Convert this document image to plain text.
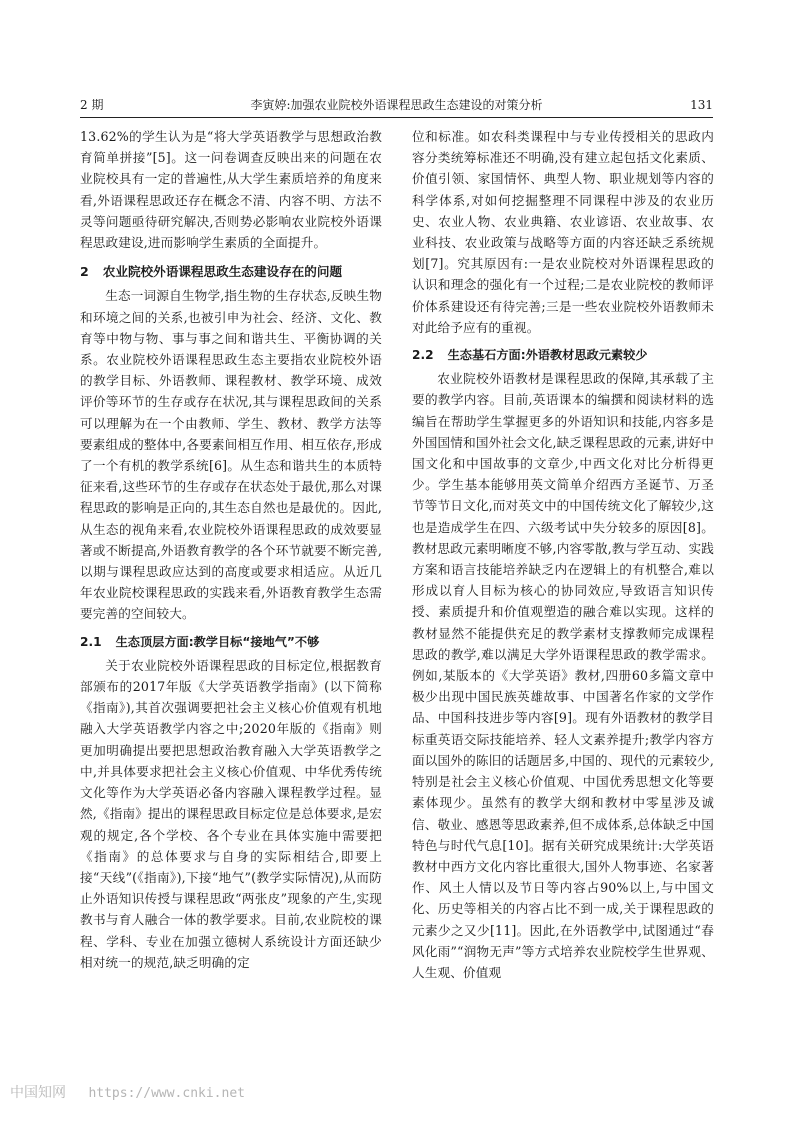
2 期	李寅婷:加强农业院校外语课程思政生态建设的对策分析	131

13.62%的学生认为是“将大学英语教学与思想政治教育简单拼接”[5]。这一问卷调查反映出来的问题在农业院校具有一定的普遍性,从大学生素质培养的角度来看,外语课程思政还存在概念不清、内容不明、方法不灵等问题亟待研究解决,否则势必影响农业院校外语课程思政建设,进而影响学生素质的全面提升。

2 农业院校外语课程思政生态建设存在的问题

生态一词源自生物学,指生物的生存状态,反映生物和环境之间的关系,也被引申为社会、经济、文化、教育等中物与物、事与事之间和谐共生、平衡协调的关系。农业院校外语课程思政生态主要指农业院校外语的教学目标、外语教师、课程教材、教学环境、成效评价等环节的生存或存在状况,其与课程思政间的关系可以理解为在一个由教师、学生、教材、教学方法等要素组成的整体中,各要素间相互作用、相互依存,形成了一个有机的教学系统[6]。从生态和谐共生的本质特征来看,这些环节的生存或存在状态处于最优,那么对课程思政的影响是正向的,其生态自然也是最优的。因此,从生态的视角来看,农业院校外语课程思政的成效要显著或不断提高,外语教育教学的各个环节就要不断完善,以期与课程思政应达到的高度或要求相适应。从近几年农业院校课程思政的实践来看,外语教育教学生态需要完善的空间较大。

2.1 生态顶层方面:教学目标“接地气”不够

关于农业院校外语课程思政的目标定位,根据教育部颁布的2017年版《大学英语教学指南》(以下简称《指南》),其首次强调要把社会主义核心价值观有机地融入大学英语教学内容之中;2020年版的《指南》则更加明确提出要把思想政治教育融入大学英语教学之中,并具体要求把社会主义核心价值观、中华优秀传统文化等作为大学英语必备内容融入课程教学过程。显然,《指南》提出的课程思政目标定位是总体要求,是宏观的规定,各个学校、各个专业在具体实施中需要把《指南》的总体要求与自身的实际相结合,即要上接“天线”(《指南》),下接“地气”(教学实际情况),从而防止外语知识传授与课程思政“两张皮”现象的产生,实现教书与育人融合一体的教学要求。目前,农业院校的课程、学科、专业在加强立德树人系统设计方面还缺少相对统一的规范,缺乏明确的定

位和标准。如农科类课程中与专业传授相关的思政内容分类统筹标准还不明确,没有建立起包括文化素质、价值引领、家国情怀、典型人物、职业规划等内容的科学体系,对如何挖掘整理不同课程中涉及的农业历史、农业人物、农业典籍、农业谚语、农业故事、农业科技、农业政策与战略等方面的内容还缺乏系统规划[7]。究其原因有:一是农业院校对外语课程思政的认识和理念的强化有一个过程;二是农业院校的教师评价体系建设还有待完善;三是一些农业院校外语教师未对此给予应有的重视。

2.2 生态基石方面:外语教材思政元素较少

农业院校外语教材是课程思政的保障,其承载了主要的教学内容。目前,英语课本的编撰和阅读材料的选编旨在帮助学生掌握更多的外语知识和技能,内容多是外国国情和国外社会文化,缺乏课程思政的元素,讲好中国文化和中国故事的文章少,中西文化对比分析得更少。学生基本能够用英文简单介绍西方圣诞节、万圣节等节日文化,而对英文中的中国传统文化了解较少,这也是造成学生在四、六级考试中失分较多的原因[8]。教材思政元素明晰度不够,内容零散,教与学互动、实践方案和语言技能培养缺乏内在逻辑上的有机整合,难以形成以育人目标为核心的协同效应,导致语言知识传授、素质提升和价值观塑造的融合难以实现。这样的教材显然不能提供充足的教学素材支撑教师完成课程思政的教学,难以满足大学外语课程思政的教学需求。例如,某版本的《大学英语》教材,四册60多篇文章中极少出现中国民族英雄故事、中国著名作家的文学作品、中国科技进步等内容[9]。现有外语教材的教学目标重英语交际技能培养、轻人文素养提升;教学内容方面以国外的陈旧的话题居多,中国的、现代的元素较少,特别是社会主义核心价值观、中国优秀思想文化等要素体现少。虽然有的教学大纲和教材中零星涉及诚信、敬业、感恩等思政素养,但不成体系,总体缺乏中国特色与时代气息[10]。据有关研究成果统计:大学英语教材中西方文化内容比重很大,国外人物事迹、名家著作、风土人情以及节日等内容占90%以上,与中国文化、历史等相关的内容占比不到一成,关于课程思政的元素少之又少[11]。因此,在外语教学中,试图通过“春风化雨”“润物无声”等方式培养农业院校学生世界观、人生观、价值观

中国知网 https://www.cnki.net
